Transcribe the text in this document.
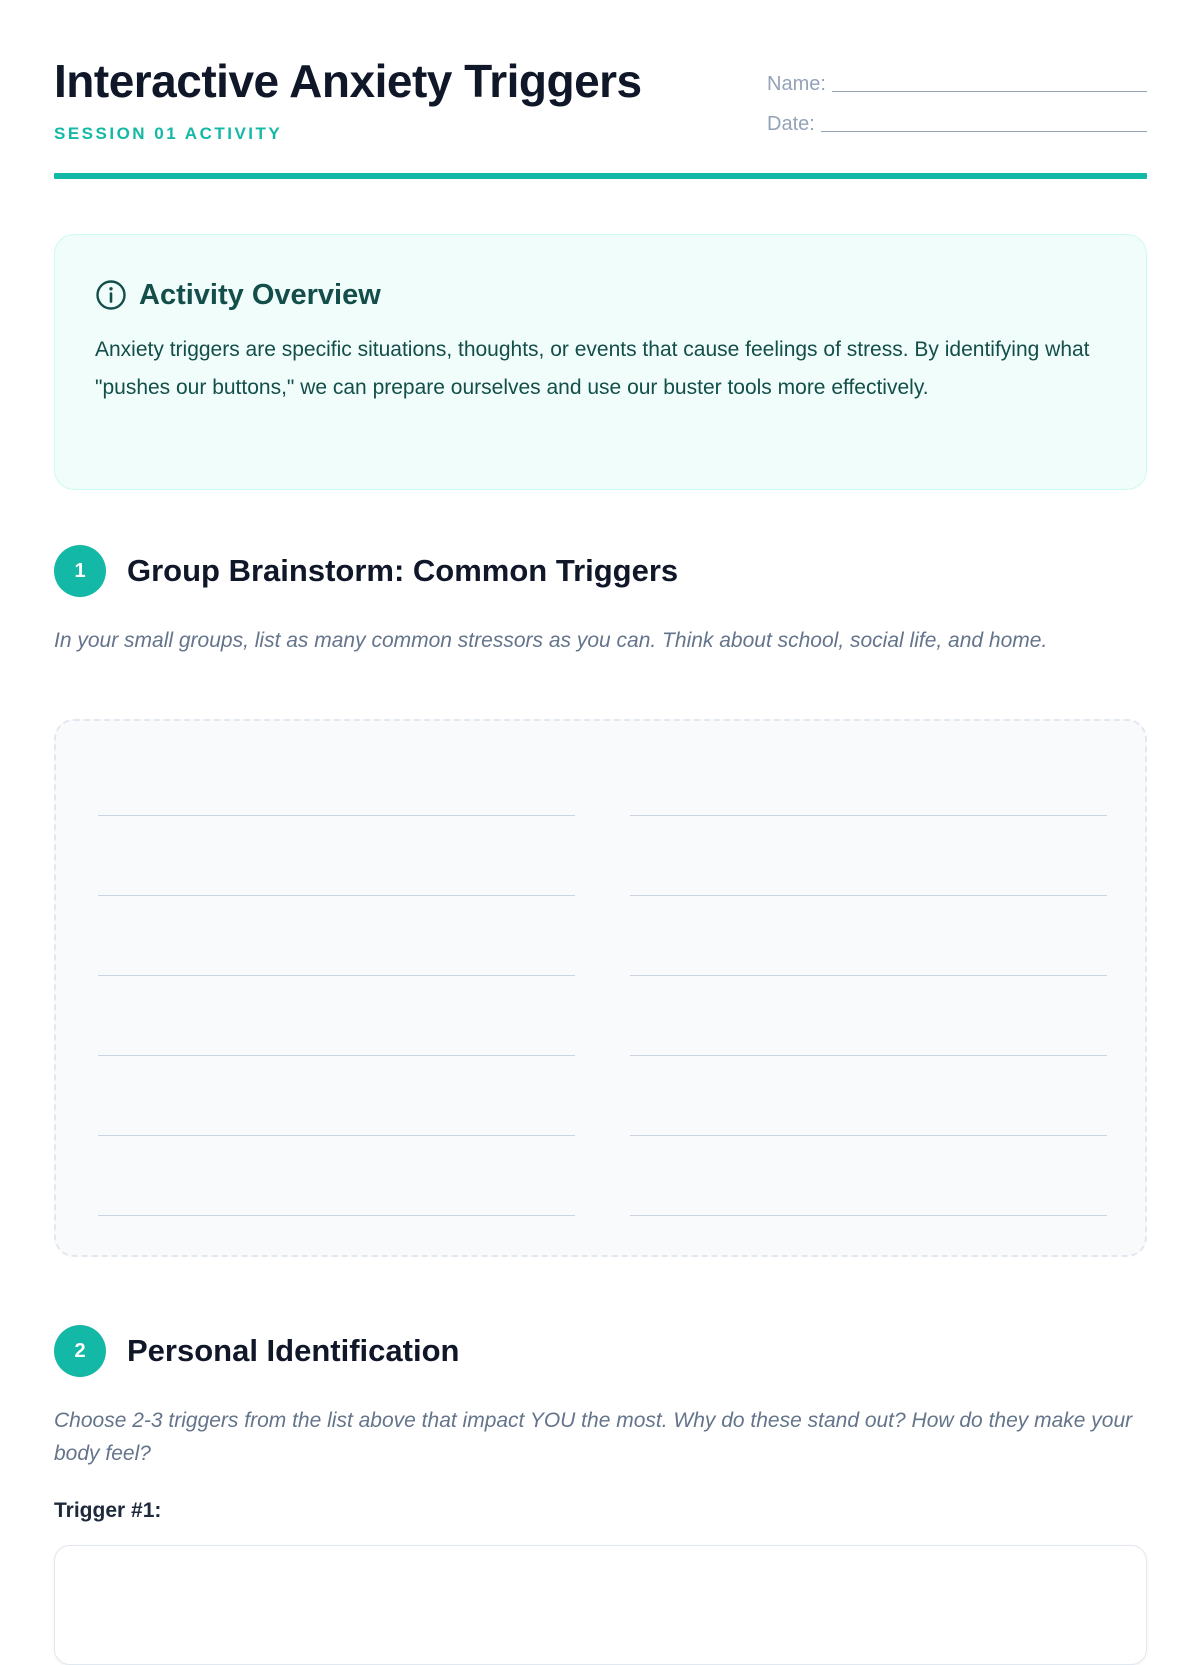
Interactive Anxiety Triggers

SESSION 01 ACTIVITY

Name:
Date:
Activity Overview
Anxiety triggers are specific situations, thoughts, or events that cause feelings of stress. By identifying what "pushes our buttons," we can prepare ourselves and use our buster tools more effectively.
1	Group Brainstorm: Common Triggers

In your small groups, list as many common stressors as you can. Think about school, social life, and home.

2	Personal Identification

Choose 2-3 triggers from the list above that impact YOU the most. Why do these stand out? How do they make your body feel?

Trigger #1:
